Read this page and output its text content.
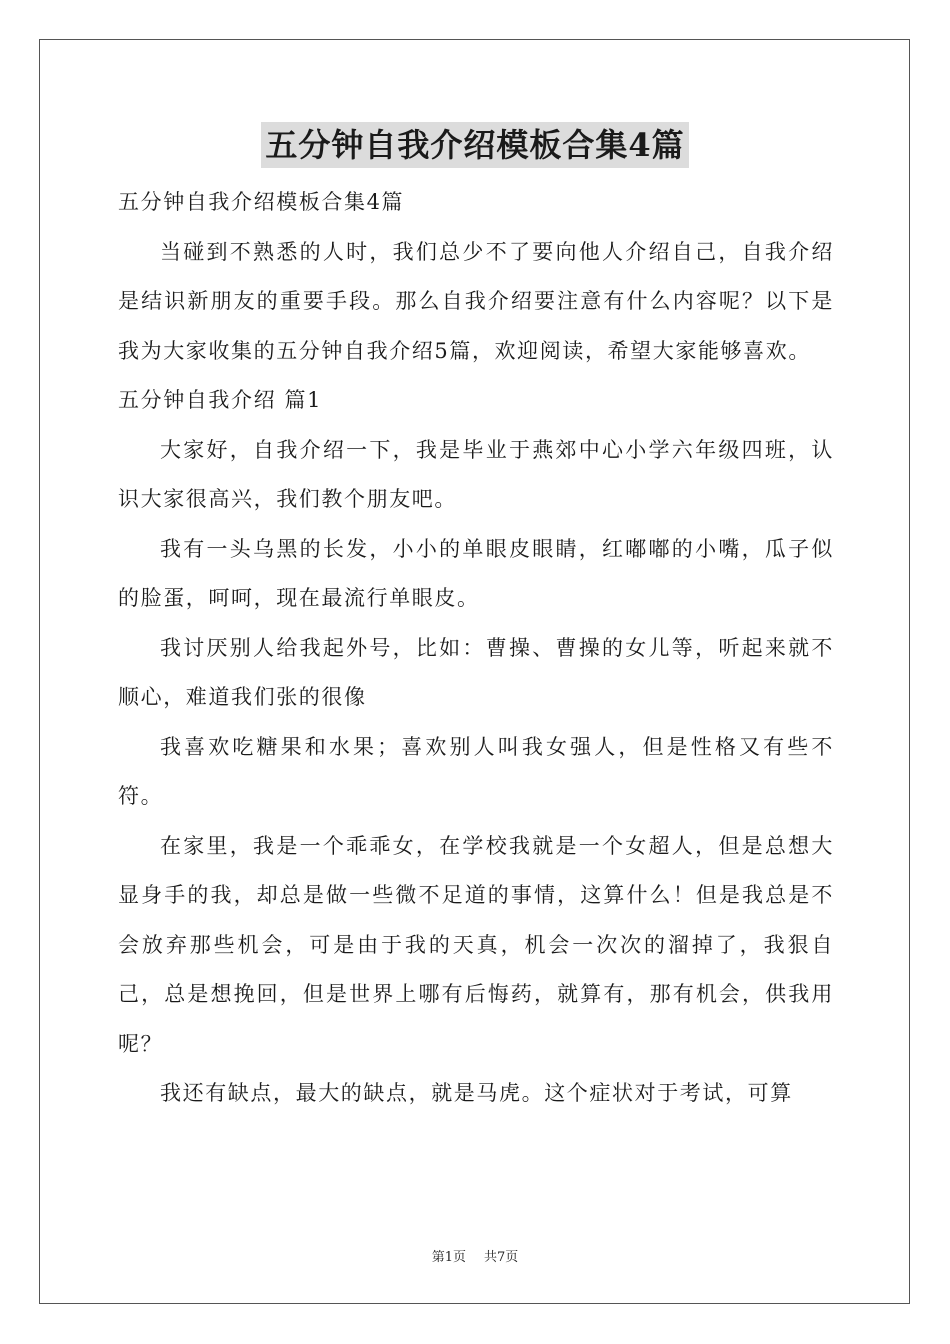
五分钟自我介绍模板合集4篇

五分钟自我介绍模板合集4篇

当碰到不熟悉的人时，我们总少不了要向他人介绍自己，自我介绍是结识新朋友的重要手段。那么自我介绍要注意有什么内容呢？以下是我为大家收集的五分钟自我介绍5篇，欢迎阅读，希望大家能够喜欢。

五分钟自我介绍 篇1

大家好，自我介绍一下，我是毕业于燕郊中心小学六年级四班，认识大家很高兴，我们教个朋友吧。

我有一头乌黑的长发，小小的单眼皮眼睛，红嘟嘟的小嘴，瓜子似的脸蛋，呵呵，现在最流行单眼皮。

我讨厌别人给我起外号，比如：曹操、曹操的女儿等，听起来就不顺心，难道我们张的很像

我喜欢吃糖果和水果；喜欢别人叫我女强人，但是性格又有些不符。

在家里，我是一个乖乖女，在学校我就是一个女超人，但是总想大显身手的我，却总是做一些微不足道的事情，这算什么！但是我总是不会放弃那些机会，可是由于我的天真，机会一次次的溜掉了，我狠自己，总是想挽回，但是世界上哪有后悔药，就算有，那有机会，供我用呢？

我还有缺点，最大的缺点，就是马虎。这个症状对于考试，可算

第1页 共7页
